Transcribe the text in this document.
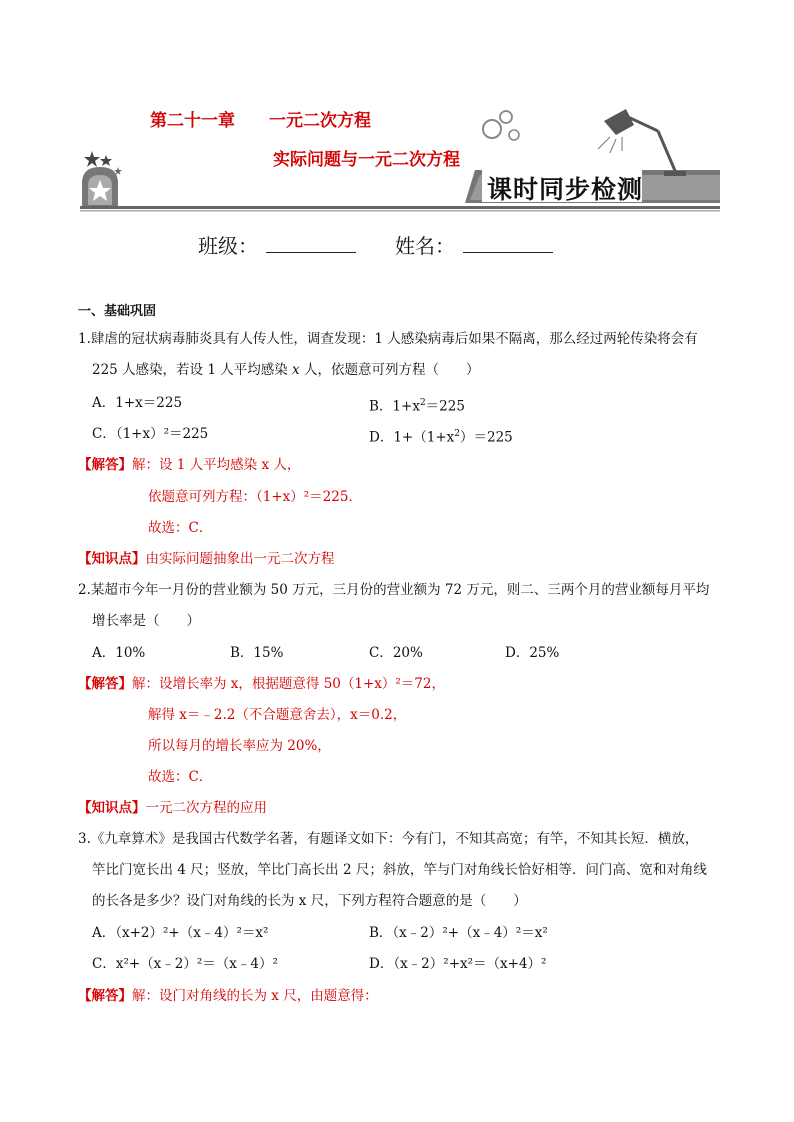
第二十一章　　一元二次方程
实际问题与一元二次方程
课时同步检测
班级：	姓名：
一、基础巩固
1.肆虐的冠状病毒肺炎具有人传人性，调查发现：1 人感染病毒后如果不隔离，那么经过两轮传染将会有
225 人感染，若设 1 人平均感染 x 人，依题意可列方程（　　）
A．1+x＝225	B．$1+x^2=225$
C．（1+x）²＝225	D．$1+(1+x^2)=225$
【解答】解：设 1 人平均感染 x 人，
依题意可列方程：（1+x）²＝225．
故选：C．
【知识点】由实际问题抽象出一元二次方程
2.某超市今年一月份的营业额为 50 万元，三月份的营业额为 72 万元，则二、三两个月的营业额每月平均
增长率是（　　）
A．10%	B．15%	C．20%	D．25%
【解答】解：设增长率为 x，根据题意得 50（1+x）²＝72，
解得 x＝﹣2.2（不合题意舍去），x＝0.2，
所以每月的增长率应为 20%，
故选：C．
【知识点】一元二次方程的应用
3.《九章算术》是我国古代数学名著，有题译文如下：今有门，不知其高宽；有竿，不知其长短．横放，
竿比门宽长出 4 尺；竖放，竿比门高长出 2 尺；斜放，竿与门对角线长恰好相等．问门高、宽和对角线
的长各是多少？设门对角线的长为 x 尺，下列方程符合题意的是（　　）
A．（x+2）²+（x﹣4）²＝x²	B．（x﹣2）²+（x﹣4）²＝x²
C．x²+（x﹣2）²＝（x﹣4）²	D．（x﹣2）²+x²＝（x+4）²
【解答】解：设门对角线的长为 x 尺，由题意得：
